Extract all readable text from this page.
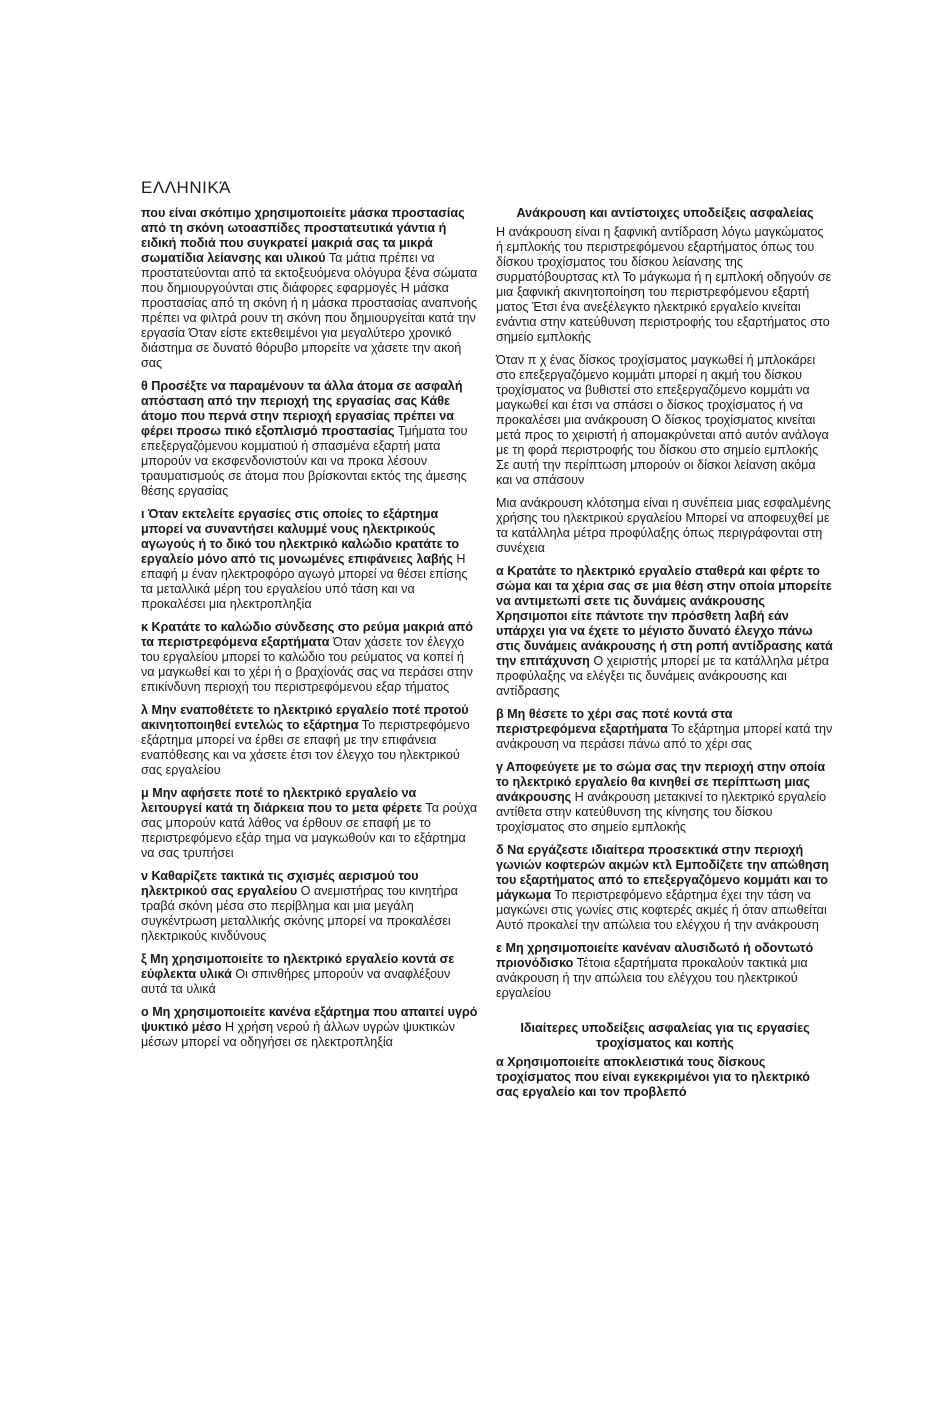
ΕΛΛΗΝΙΚΆ

που είναι σκόπιμο χρησιμοποιείτε μάσκα προστασίας από τη σκόνη ωτοασπίδες προστατευτικά γάντια ή ειδική ποδιά που συγκρατεί μακριά σας τα μικρά σωματίδια λείανσης και υλικού Τα μάτια πρέπει να προστατεύονται από τα εκτοξευόμενα ολόγυρα ξένα σώματα που δημιουργούνται στις διάφορες εφαρμογές Η μάσκα προστασίας από τη σκόνη ή η μάσκα προστασίας αναπνοής πρέπει να φιλτρά ρουν τη σκόνη που δημιουργείται κατά την εργασία Όταν είστε εκτεθειμένοι για μεγαλύτερο χρονικό διάστημα σε δυνατό θόρυβο μπορείτε να χάσετε την ακοή σας

θ Προσέξτε να παραμένουν τα άλλα άτομα σε ασφαλή απόσταση από την περιοχή της εργασίας σας Κάθε άτομο που περνά στην περιοχή εργασίας πρέπει να φέρει προσω πικό εξοπλισμό προστασίας Τμήματα του επεξεργαζόμενου κομματιού ή σπασμένα εξαρτή ματα μπορούν να εκσφενδονιστούν και να προκα λέσουν τραυματισμούς σε άτομα που βρίσκονται εκτός της άμεσης θέσης εργασίας

ι Όταν εκτελείτε εργασίες στις οποίες το εξάρτημα μπορεί να συναντήσει καλυμμέ νους ηλεκτρικούς αγωγούς ή το δικό του ηλεκτρικό καλώδιο κρατάτε το εργαλείο μόνο από τις μονωμένες επιφάνειες λαβής Η επαφή μ έναν ηλεκτροφόρο αγωγό μπορεί να θέσει επίσης τα μεταλλικά μέρη του εργαλείου υπό τάση και να προκαλέσει μια ηλεκτροπληξία

κ Κρατάτε το καλώδιο σύνδεσης στο ρεύμα μακριά από τα περιστρεφόμενα εξαρτήματα Όταν χάσετε τον έλεγχο του εργαλείου μπορεί το καλώδιο του ρεύματος να κοπεί ή να μαγκωθεί και το χέρι ή ο βραχίονάς σας να περάσει στην επικίνδυνη περιοχή του περιστρεφόμενου εξαρ τήματος

λ Μην εναποθέτετε το ηλεκτρικό εργαλείο ποτέ προτού ακινητοποιηθεί εντελώς το εξάρτημα Το περιστρεφόμενο εξάρτημα μπορεί να έρθει σε επαφή με την επιφάνεια εναπόθεσης και να χάσετε έτσι τον έλεγχο του ηλεκτρικού σας εργαλείου

μ Μην αφήσετε ποτέ το ηλεκτρικό εργαλείο να λειτουργεί κατά τη διάρκεια που το μετα φέρετε Τα ρούχα σας μπορούν κατά λάθος να έρθουν σε επαφή με το περιστρεφόμενο εξάρ τημα να μαγκωθούν και το εξάρτημα να σας τρυπήσει

ν Καθαρίζετε τακτικά τις σχισμές αερισμού του ηλεκτρικού σας εργαλείου Ο ανεμιστήρας του κινητήρα τραβά σκόνη μέσα στο περίβλημα και μια μεγάλη συγκέντρωση μεταλλικής σκόνης μπορεί να προκαλέσει ηλεκτρικούς κινδύνους

ξ Μη χρησιμοποιείτε το ηλεκτρικό εργαλείο κοντά σε εύφλεκτα υλικά Οι σπινθήρες μπορούν να αναφλέξουν αυτά τα υλικά

ο Μη χρησιμοποιείτε κανένα εξάρτημα που απαιτεί υγρό ψυκτικό μέσο Η χρήση νερού ή άλλων υγρών ψυκτικών μέσων μπορεί να οδηγήσει σε ηλεκτροπληξία

Ανάκρουση και αντίστοιχες υποδείξεις ασφαλείας

Η ανάκρουση είναι η ξαφνική αντίδραση λόγω μαγκώματος ή εμπλοκής του περιστρεφόμενου εξαρτήματος όπως του δίσκου τροχίσματος του δίσκου λείανσης της συρματόβουρτσας κτλ Το μάγκωμα ή η εμπλοκή οδηγούν σε μια ξαφνική ακινητοποίηση του περιστρεφόμενου εξαρτή ματος Έτσι ένα ανεξέλεγκτο ηλεκτρικό εργαλείο κινείται ενάντια στην κατεύθυνση περιστροφής του εξαρτήματος στο σημείο εμπλοκής

Όταν π χ ένας δίσκος τροχίσματος μαγκωθεί ή μπλοκάρει στο επεξεργαζόμενο κομμάτι μπορεί η ακμή του δίσκου τροχίσματος να βυθιστεί στο επεξεργαζόμενο κομμάτι να μαγκωθεί και έτσι να σπάσει ο δίσκος τροχίσματος ή να προκαλέσει μια ανάκρουση Ο δίσκος τροχίσματος κινείται μετά προς το χειριστή ή απομακρύνεται από αυτόν ανάλογα με τη φορά περιστροφής του δίσκου στο σημείο εμπλοκής Σε αυτή την περίπτωση μπορούν οι δίσκοι λείανση ακόμα και να σπάσουν

Μια ανάκρουση κλότσημα είναι η συνέπεια μιας εσφαλμένης χρήσης του ηλεκτρικού εργαλείου Μπορεί να αποφευχθεί με τα κατάλληλα μέτρα προφύλαξης όπως περιγράφονται στη συνέχεια

α Κρατάτε το ηλεκτρικό εργαλείο σταθερά και φέρτε το σώμα και τα χέρια σας σε μια θέση στην οποία μπορείτε να αντιμετωπί σετε τις δυνάμεις ανάκρουσης Χρησιμοποι είτε πάντοτε την πρόσθετη λαβή εάν υπάρχει για να έχετε το μέγιστο δυνατό έλεγχο πάνω στις δυνάμεις ανάκρουσης ή στη ροπή αντίδρασης κατά την επιτάχυνση Ο χειριστής μπορεί με τα κατάλληλα μέτρα προφύλαξης να ελέγξει τις δυνάμεις ανάκρουσης και αντίδρασης

β Μη θέσετε το χέρι σας ποτέ κοντά στα περιστρεφόμενα εξαρτήματα Το εξάρτημα μπορεί κατά την ανάκρουση να περάσει πάνω από το χέρι σας

γ Αποφεύγετε με το σώμα σας την περιοχή στην οποία το ηλεκτρικό εργαλείο θα κινηθεί σε περίπτωση μιας ανάκρουσης Η ανάκρουση μετακινεί το ηλεκτρικό εργαλείο αντίθετα στην κατεύθυνση της κίνησης του δίσκου τροχίσματος στο σημείο εμπλοκής

δ Να εργάζεστε ιδιαίτερα προσεκτικά στην περιοχή γωνιών κοφτερών ακμών κτλ Εμποδίζετε την απώθηση του εξαρτήματος από το επεξεργαζόμενο κομμάτι και το μάγκωμα Το περιστρεφόμενο εξάρτημα έχει την τάση να μαγκώνει στις γωνίες στις κοφτερές ακμές ή όταν απωθείται Αυτό προκαλεί την απώλεια του ελέγχου ή την ανάκρουση

ε Μη χρησιμοποιείτε κανέναν αλυσιδωτό ή οδοντωτό πριονόδισκο Τέτοια εξαρτήματα προκαλούν τακτικά μια ανάκρουση ή την απώλεια του ελέγχου του ηλεκτρικού εργαλείου

Ιδιαίτερες υποδείξεις ασφαλείας για τις εργασίες τροχίσματος και κοπής

α Χρησιμοποιείτε αποκλειστικά τους δίσκους τροχίσματος που είναι εγκεκριμένοι για το ηλεκτρικό σας εργαλείο και τον προβλεπό
